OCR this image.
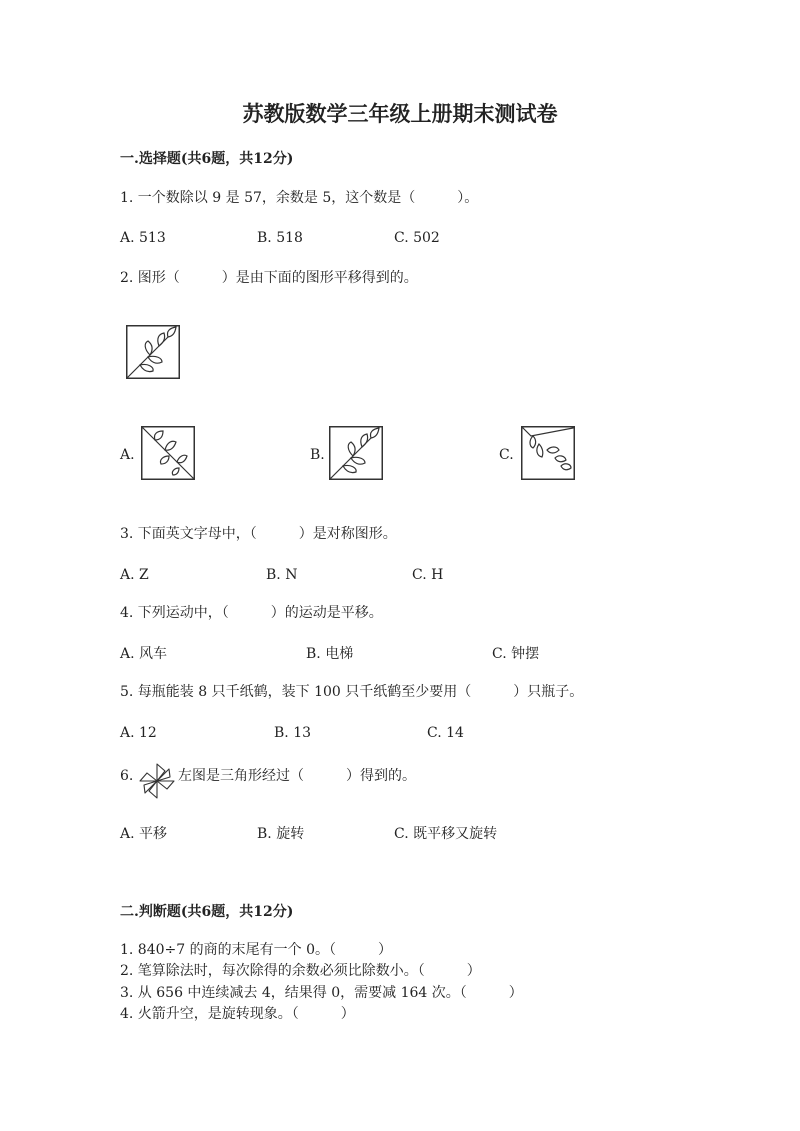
苏教版数学三年级上册期末测试卷
一.选择题(共6题，共12分)
1. 一个数除以 9 是 57，余数是 5，这个数是（　　　）。
A. 513	B. 518	C. 502
2. 图形（　　　）是由下面的图形平移得到的。
A.	B.	C.
3. 下面英文字母中，（　　　）是对称图形。
A. Z	B. N	C. H
4. 下列运动中，（　　　）的运动是平移。
A. 风车	B. 电梯	C. 钟摆
5. 每瓶能装 8 只千纸鹤，装下 100 只千纸鹤至少要用（　　　）只瓶子。
A. 12	B. 13	C. 14
6.	左图是三角形经过（　　　）得到的。
A. 平移	B. 旋转	C. 既平移又旋转
二.判断题(共6题，共12分)
1. 840÷7 的商的末尾有一个 0。（　　　）
2. 笔算除法时，每次除得的余数必须比除数小。（　　　）
3. 从 656 中连续减去 4，结果得 0，需要减 164 次。（　　　）
4. 火箭升空，是旋转现象。（　　　）
